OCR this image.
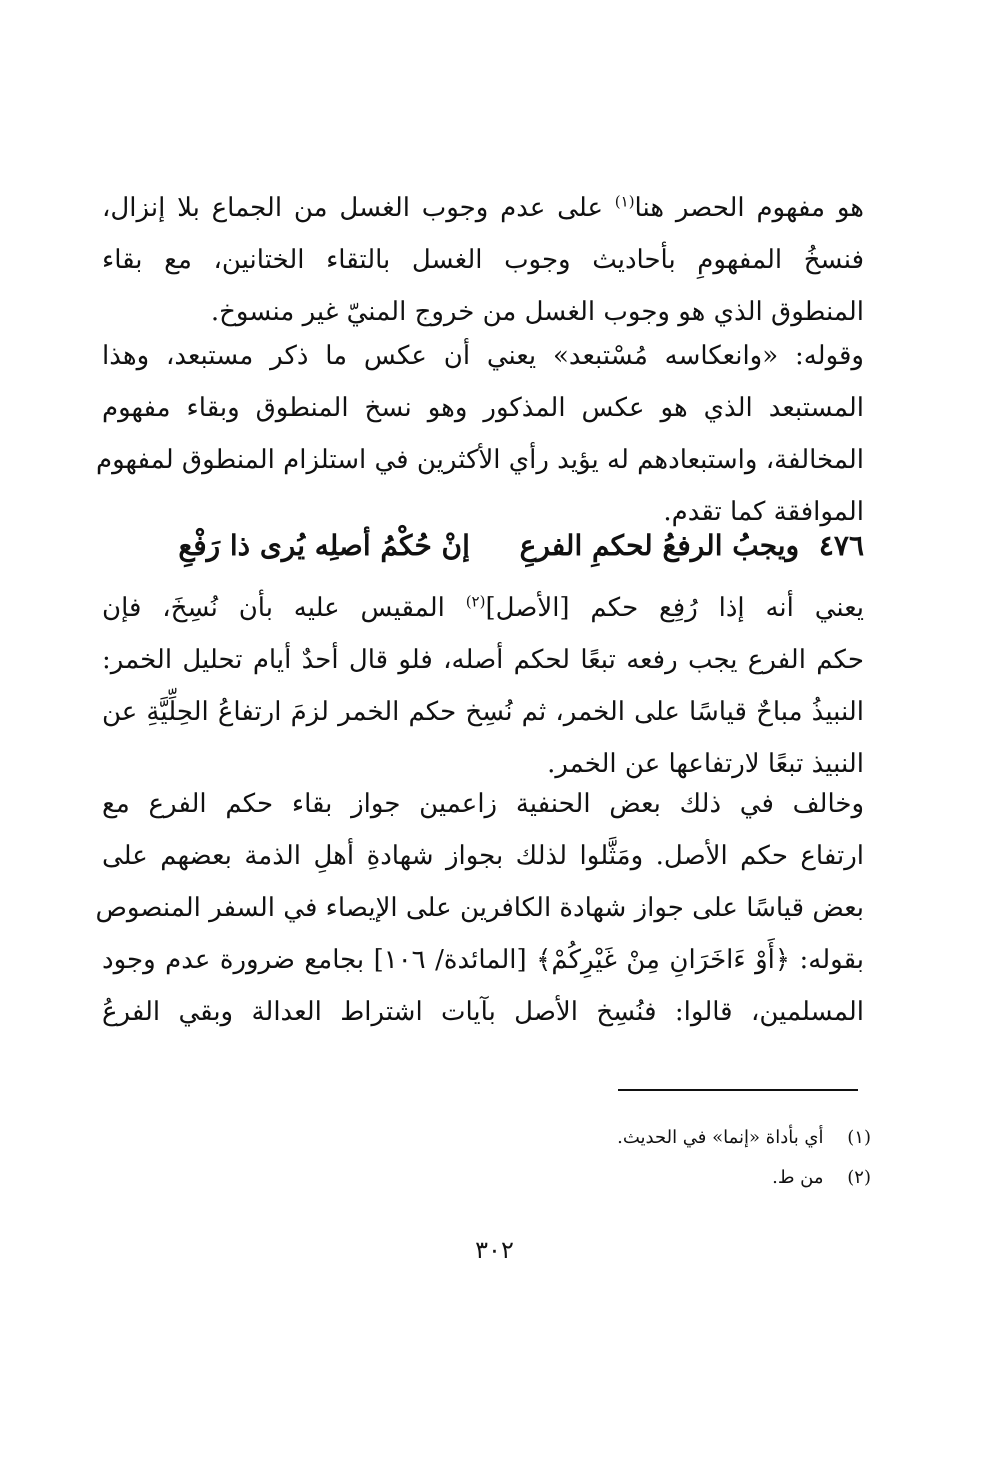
هو مفهوم الحصر هنا$^{(١)}$ على عدم وجوب الغسل من الجماع بلا إنزال،
فنسخُ المفهومِ بأحاديث وجوب الغسل بالتقاء الختانين، مع بقاء
المنطوق الذي هو وجوب الغسل من خروج المنيّ غير منسوخ.
وقوله: «وانعكاسه مُسْتبعد» يعني أن عكس ما ذكر مستبعد، وهذا
المستبعد الذي هو عكس المذكور وهو نسخ المنطوق وبقاء مفهوم
المخالفة، واستبعادهم له يؤيد رأي الأكثرين في استلزام المنطوق لمفهوم
الموافقة كما تقدم.
٤٧٦ ويجبُ الرفعُ لحكمِ الفرعِ إنْ حُكْمُ أصلِه يُرى ذا رَفْعِ
يعني أنه إذا رُفِع حكم [الأصل]$^{(٢)}$ المقيس عليه بأن نُسِخَ، فإن
حكم الفرع يجب رفعه تبعًا لحكم أصله، فلو قال أحدٌ أيام تحليل الخمر:
النبيذُ مباحٌ قياسًا على الخمر، ثم نُسِخ حكم الخمر لزمَ ارتفاعُ الحِلِّيَّةِ عن
النبيذ تبعًا لارتفاعها عن الخمر.
وخالف في ذلك بعض الحنفية زاعمين جواز بقاء حكم الفرع مع
ارتفاع حكم الأصل. ومَثَّلوا لذلك بجواز شهادةِ أهلِ الذمة بعضهم على
بعض قياسًا على جواز شهادة الكافرين على الإيصاء في السفر المنصوص
بقوله: ﴿أَوْ ءَاخَرَانِ مِنْ غَيْرِكُمْ﴾ [المائدة/ ١٠٦] بجامع ضرورة عدم وجود
المسلمين، قالوا: فنُسِخ الأصل بآيات اشتراط العدالة وبقي الفرعُ
(١) أي بأداة «إنما» في الحديث.
(٢) من ط.
٣٠٢
